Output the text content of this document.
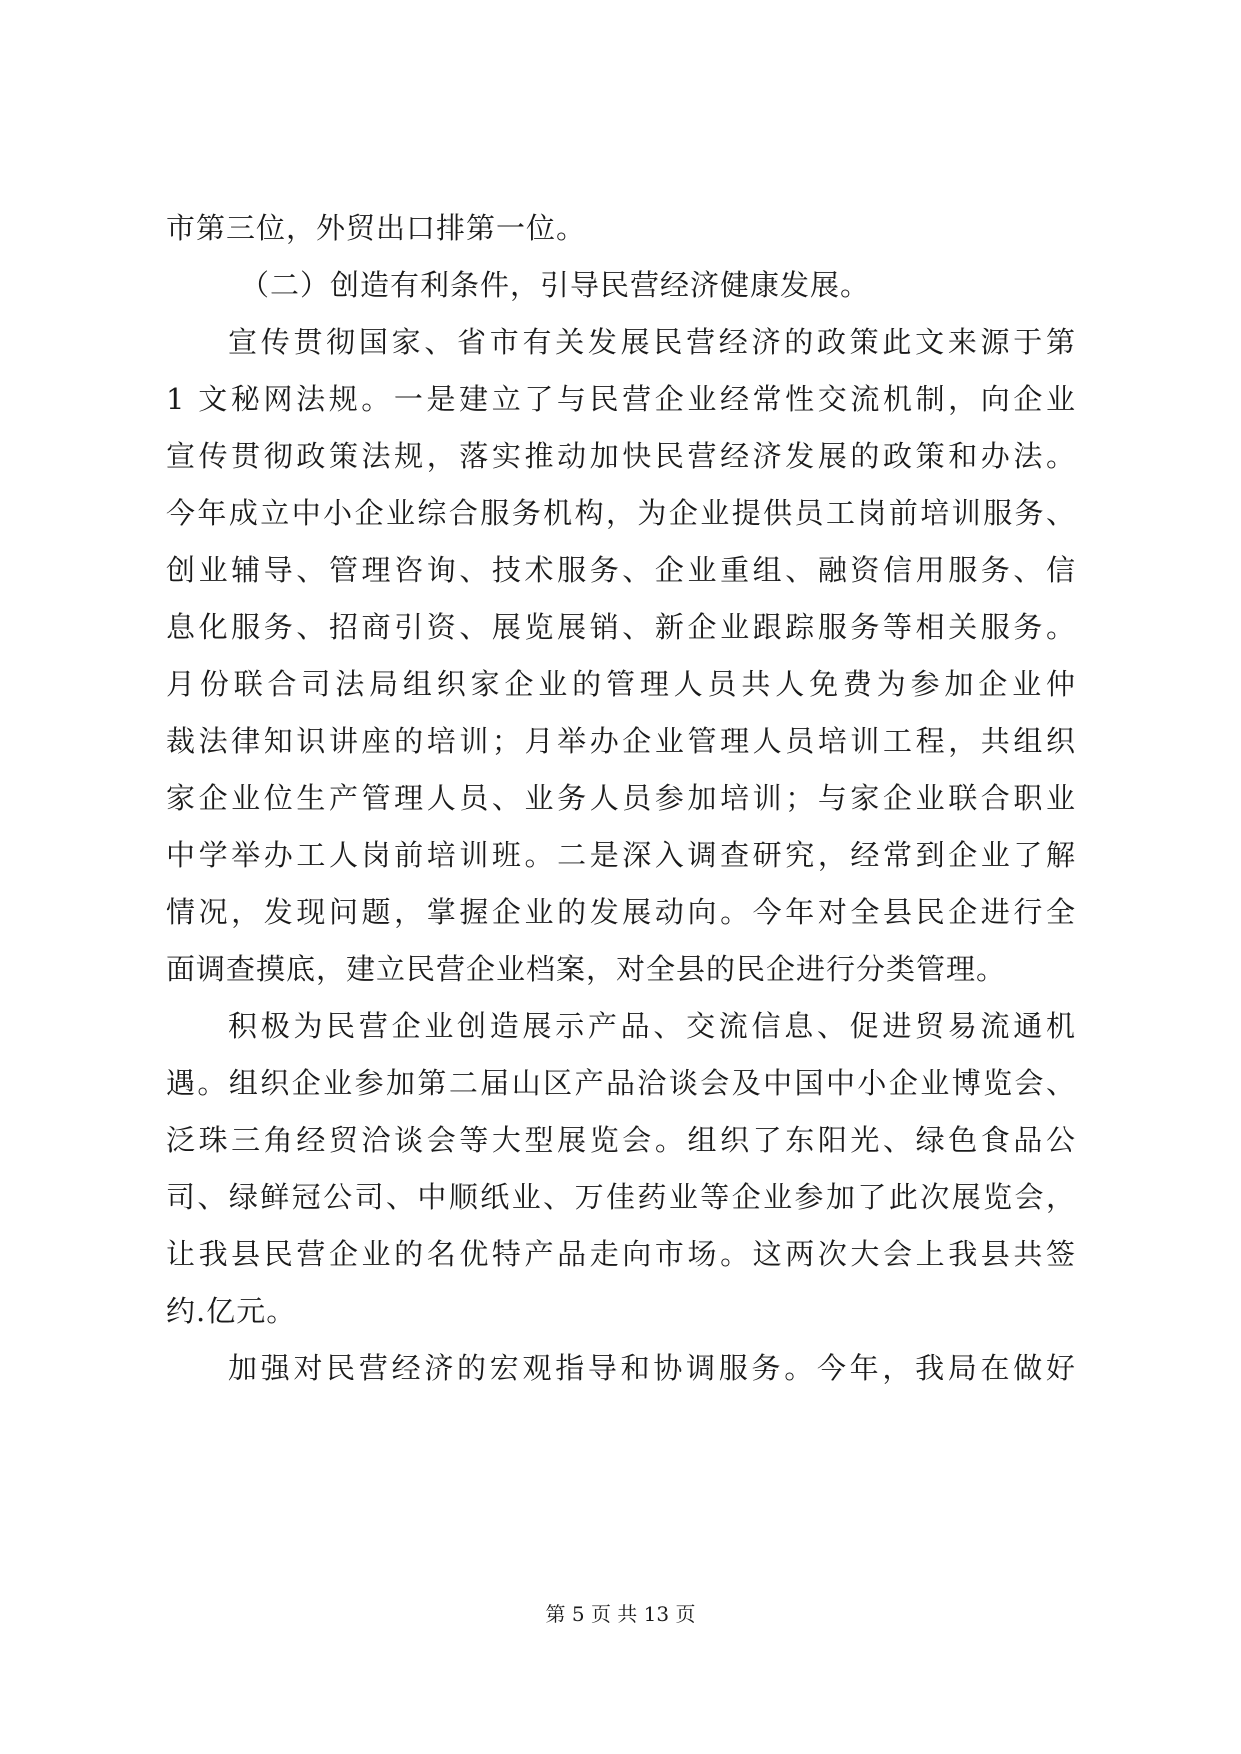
市第三位，外贸出口排第一位。
（二）创造有利条件，引导民营经济健康发展。
宣传贯彻国家、省市有关发展民营经济的政策此文来源于第
1 文秘网法规。一是建立了与民营企业经常性交流机制，向企业
宣传贯彻政策法规，落实推动加快民营经济发展的政策和办法。
今年成立中小企业综合服务机构，为企业提供员工岗前培训服务、
创业辅导、管理咨询、技术服务、企业重组、融资信用服务、信
息化服务、招商引资、展览展销、新企业跟踪服务等相关服务。
月份联合司法局组织家企业的管理人员共人免费为参加企业仲
裁法律知识讲座的培训；月举办企业管理人员培训工程，共组织
家企业位生产管理人员、业务人员参加培训；与家企业联合职业
中学举办工人岗前培训班。二是深入调查研究，经常到企业了解
情况，发现问题，掌握企业的发展动向。今年对全县民企进行全
面调查摸底，建立民营企业档案，对全县的民企进行分类管理。
积极为民营企业创造展示产品、交流信息、促进贸易流通机
遇。组织企业参加第二届山区产品洽谈会及中国中小企业博览会、
泛珠三角经贸洽谈会等大型展览会。组织了东阳光、绿色食品公
司、绿鲜冠公司、中顺纸业、万佳药业等企业参加了此次展览会，
让我县民营企业的名优特产品走向市场。这两次大会上我县共签
约.亿元。
加强对民营经济的宏观指导和协调服务。今年，我局在做好
第 5 页 共 13 页
